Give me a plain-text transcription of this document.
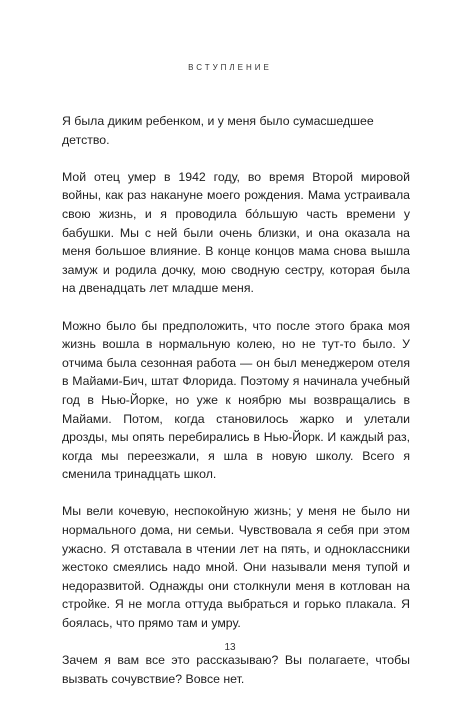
ВСТУПЛЕНИЕ

Я была диким ребенком, и у меня было сумасшедшее детство.

Мой отец умер в 1942 году, во время Второй мировой войны, как раз накануне моего рождения. Мама устраивала свою жизнь, и я проводила бо́льшую часть времени у бабушки. Мы с ней были очень близки, и она оказала на меня большое влияние. В конце концов мама снова вышла замуж и родила дочку, мою сводную сестру, которая была на двенадцать лет младше меня.

Можно было бы предположить, что после этого брака моя жизнь вошла в нормальную колею, но не тут-то было. У отчима была сезонная работа — он был менеджером отеля в Майами-Бич, штат Флорида. Поэтому я начинала учебный год в Нью-Йорке, но уже к ноябрю мы возвращались в Майами. Потом, когда становилось жарко и улетали дрозды, мы опять перебирались в Нью-Йорк. И каждый раз, когда мы переезжали, я шла в новую школу. Всего я сменила тринадцать школ.

Мы вели кочевую, неспокойную жизнь; у меня не было ни нормального дома, ни семьи. Чувствовала я себя при этом ужасно. Я отставала в чтении лет на пять, и одноклассники жестоко смеялись надо мной. Они называли меня тупой и недоразвитой. Однажды они столкнули меня в котлован на стройке. Я не могла оттуда выбраться и горько плакала. Я боялась, что прямо там и умру.

Зачем я вам все это рассказываю? Вы полагаете, чтобы вызвать сочувствие? Вовсе нет.

13
